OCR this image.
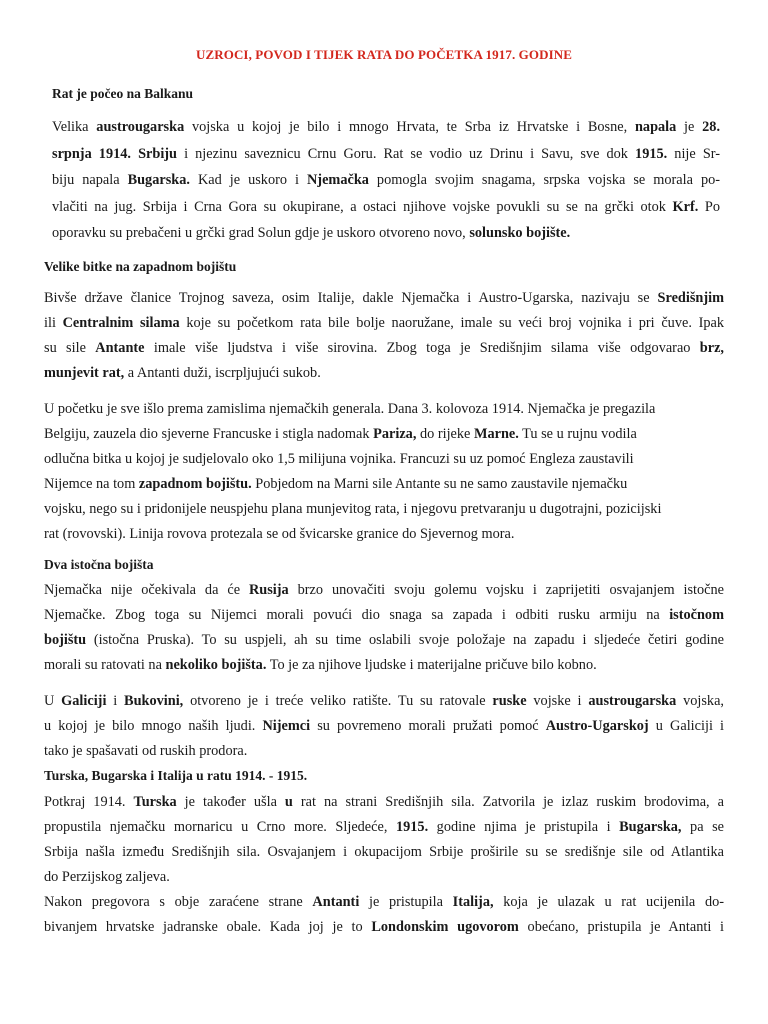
UZROCI, POVOD I TIJEK RATA DO POČETKA 1917. GODINE
Rat je počeo na Balkanu
Velika austrougarska vojska u kojoj je bilo i mnogo Hrvata, te Srba iz Hrvatske i Bosne, napala je 28.
srpnja 1914. Srbiju i njezinu saveznicu Crnu Goru. Rat se vodio uz Drinu i Savu, sve dok 1915. nije Sr-
biju napala Bugarska. Kad je uskoro i Njemačka pomogla svojim snagama, srpska vojska se morala po-
vlačiti na jug. Srbija i Crna Gora su okupirane, a ostaci njihove vojske povukli su se na grčki otok Krf. Po
oporavku su prebačeni u grčki grad Solun gdje je uskoro otvoreno novo, solunsko bojište.
Velike bitke na zapadnom bojištu
Bivše države članice Trojnog saveza, osim Italije, dakle Njemačka i Austro-Ugarska, nazivaju se Središnjim
ili Centralnim silama koje su početkom rata bile bolje naoružane, imale su veći broj vojnika i pri čuve. Ipak
su sile Antante imale više ljudstva i više sirovina. Zbog toga je Središnjim silama više odgovarao brz,
munjevit rat, a Antanti duži, iscrpljujući sukob.
U početku je sve išlo prema zamislima njemačkih generala. Dana 3. kolovoza 1914. Njemačka je pregazila
Belgiju, zauzela dio sjeverne Francuske i stigla nadomak Pariza, do rijeke Marne. Tu se u rujnu vodila
odlučna bitka u kojoj je sudjelovalo oko 1,5 milijuna vojnika. Francuzi su uz pomoć Engleza zaustavili
Nijemce na tom zapadnom bojištu. Pobjedom na Marni sile Antante su ne samo zaustavile njemačku
vojsku, nego su i pridonijele neuspjehu plana munjevitog rata, i njegovu pretvaranju u dugotrajni, pozicijski
rat (rovovski). Linija rovova protezala se od švicarske granice do Sjevernog mora.
Dva istočna bojišta
Njemačka nije očekivala da će Rusija brzo unovačiti svoju golemu vojsku i zaprijetiti osvajanjem istočne
Njemačke. Zbog toga su Nijemci morali povući dio snaga sa zapada i odbiti rusku armiju na istočnom
bojištu (istočna Pruska). To su uspjeli, ah su time oslabili svoje položaje na zapadu i sljedeće četiri godine
morali su ratovati na nekoliko bojišta. To je za njihove ljudske i materijalne pričuve bilo kobno.
U Galiciji i Bukovini, otvoreno je i treće veliko ratište. Tu su ratovale ruske vojske i austrougarska vojska,
u kojoj je bilo mnogo naših ljudi. Nijemci su povremeno morali pružati pomoć Austro-Ugarskoj u Galiciji i
tako je spašavati od ruskih prodora.
Turska, Bugarska i Italija u ratu 1914. - 1915.
Potkraj 1914. Turska je također ušla u rat na strani Središnjih sila. Zatvorila je izlaz ruskim brodovima, a
propustila njemačku mornaricu u Crno more. Sljedeće, 1915. godine njima je pristupila i Bugarska, pa se
Srbija našla između Središnjih sila. Osvajanjem i okupacijom Srbije proširile su se središnje sile od Atlantika
do Perzijskog zaljeva.
Nakon pregovora s obje zaraćene strane Antanti je pristupila Italija, koja je ulazak u rat ucijenila do-
bivanjem hrvatske jadranske obale. Kada joj je to Londonskim ugovorom obećano, pristupila je Antanti i
